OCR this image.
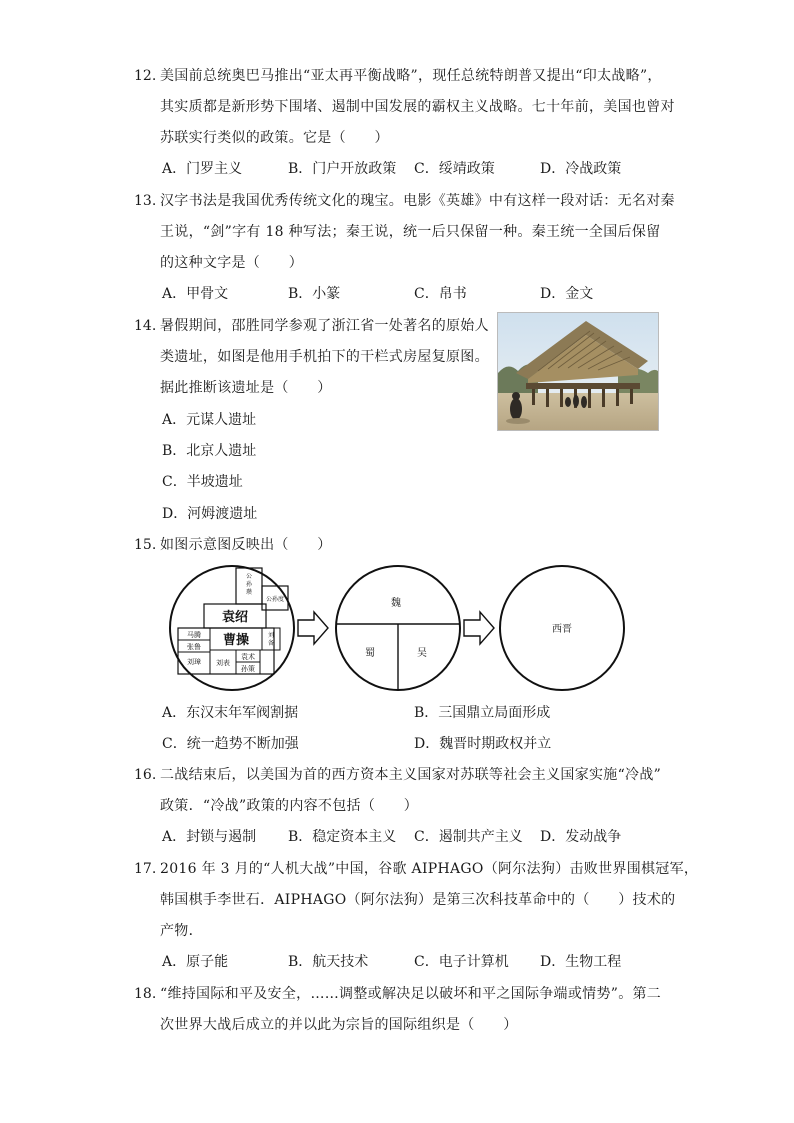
12. 美国前总统奥巴马推出“亚太再平衡战略”，现任总统特朗普又提出“印太战略”，
其实质都是新形势下围堵、遏制中国发展的霸权主义战略。七十年前，美国也曾对
苏联实行类似的政策。它是（　　）
A．门罗主义	B．门户开放政策 C．绥靖政策	D．冷战政策
13. 汉字书法是我国优秀传统文化的瑰宝。电影《英雄》中有这样一段对话：无名对秦
王说，“剑”字有 18 种写法；秦王说，统一后只保留一种。秦王统一全国后保留
的这种文字是（　　）
A．甲骨文	B．小篆	C．帛书	D．金文
14. 暑假期间，邵胜同学参观了浙江省一处著名的原始人
类遗址，如图是他用手机拍下的干栏式房屋复原图。
据此推断该遗址是（　　）
A．元谋人遗址
B．北京人遗址
C．半坡遗址
D．河姆渡遗址
15. 如图示意图反映出（　　）
袁绍
曹操
公
孙
瓒
公孙度
马腾
张鲁
刘璋 刘表
袁术
孙策
刘
备
魏
蜀	吴
西晋
A．东汉末年军阀割据	B．三国鼎立局面形成
C．统一趋势不断加强	D．魏晋时期政权并立
16. 二战结束后，以美国为首的西方资本主义国家对苏联等社会主义国家实施“冷战”
政策．“冷战”政策的内容不包括（　　）
A．封锁与遏制 B．稳定资本主义 C．遏制共产主义 D．发动战争
17. 2016 年 3 月的“人机大战”中国，谷歌 AIPHAGO（阿尔法狗）击败世界围棋冠军，
韩国棋手李世石．AIPHAGO（阿尔法狗）是第三次科技革命中的（　　）技术的
产物．
A．原子能	B．航天技术	C．电子计算机 D．生物工程
18. “维持国际和平及安全，……调整或解决足以破坏和平之国际争端或情势”。第二
次世界大战后成立的并以此为宗旨的国际组织是（　　）
